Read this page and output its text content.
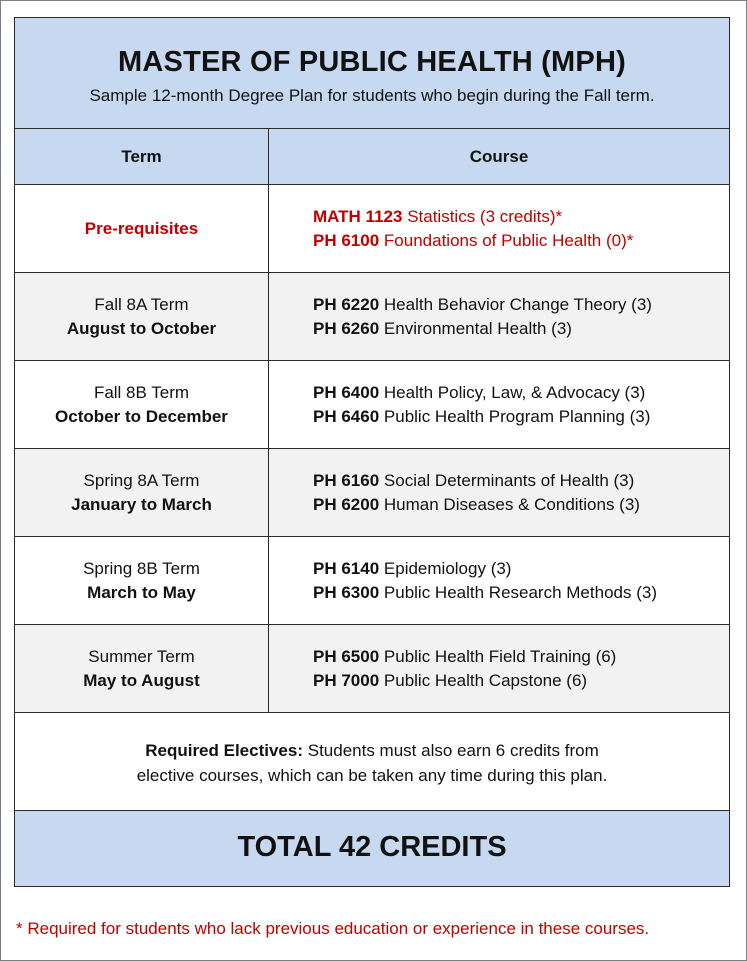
MASTER OF PUBLIC HEALTH (MPH)
Sample 12-month Degree Plan for students who begin during the Fall term.
Term	Course
Pre-requisites
MATH 1123 Statistics (3 credits)*
PH 6100 Foundations of Public Health (0)*
Fall 8A Term
August to October
PH 6220 Health Behavior Change Theory (3)
PH 6260 Environmental Health (3)
Fall 8B Term
October to December
PH 6400 Health Policy, Law, & Advocacy (3)
PH 6460 Public Health Program Planning (3)
Spring 8A Term
January to March
PH 6160 Social Determinants of Health (3)
PH 6200 Human Diseases & Conditions (3)
Spring 8B Term
March to May
PH 6140 Epidemiology (3)
PH 6300 Public Health Research Methods (3)
Summer Term
May to August
PH 6500 Public Health Field Training (6)
PH 7000 Public Health Capstone (6)
Required Electives: Students must also earn 6 credits from
elective courses, which can be taken any time during this plan.
TOTAL 42 CREDITS
* Required for students who lack previous education or experience in these courses.
